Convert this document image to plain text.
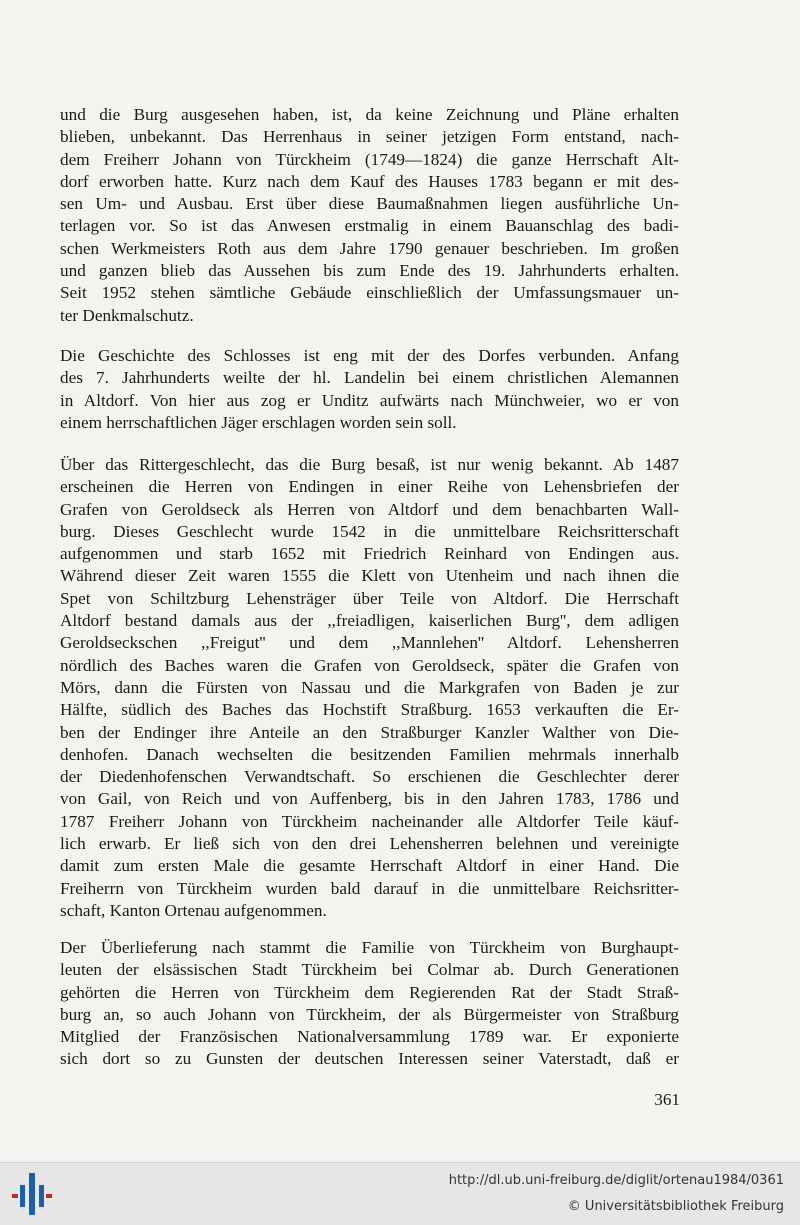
und die Burg ausgesehen haben, ist, da keine Zeichnung und Pläne erhalten
blieben, unbekannt. Das Herrenhaus in seiner jetzigen Form entstand, nach-
dem Freiherr Johann von Türckheim (1749—1824) die ganze Herrschaft Alt-
dorf erworben hatte. Kurz nach dem Kauf des Hauses 1783 begann er mit des-
sen Um- und Ausbau. Erst über diese Baumaßnahmen liegen ausführliche Un-
terlagen vor. So ist das Anwesen erstmalig in einem Bauanschlag des badi-
schen Werkmeisters Roth aus dem Jahre 1790 genauer beschrieben. Im großen
und ganzen blieb das Aussehen bis zum Ende des 19. Jahrhunderts erhalten.
Seit 1952 stehen sämtliche Gebäude einschließlich der Umfassungsmauer un-
ter Denkmalschutz.
Die Geschichte des Schlosses ist eng mit der des Dorfes verbunden. Anfang
des 7. Jahrhunderts weilte der hl. Landelin bei einem christlichen Alemannen
in Altdorf. Von hier aus zog er Unditz aufwärts nach Münchweier, wo er von
einem herrschaftlichen Jäger erschlagen worden sein soll.
Über das Rittergeschlecht, das die Burg besaß, ist nur wenig bekannt. Ab 1487
erscheinen die Herren von Endingen in einer Reihe von Lehensbriefen der
Grafen von Geroldseck als Herren von Altdorf und dem benachbarten Wall-
burg. Dieses Geschlecht wurde 1542 in die unmittelbare Reichsritterschaft
aufgenommen und starb 1652 mit Friedrich Reinhard von Endingen aus.
Während dieser Zeit waren 1555 die Klett von Utenheim und nach ihnen die
Spet von Schiltzburg Lehensträger über Teile von Altdorf. Die Herrschaft
Altdorf bestand damals aus der ,,freiadligen, kaiserlichen Burg'', dem adligen
Geroldseckschen ,,Freigut'' und dem ,,Mannlehen'' Altdorf. Lehensherren
nördlich des Baches waren die Grafen von Geroldseck, später die Grafen von
Mörs, dann die Fürsten von Nassau und die Markgrafen von Baden je zur
Hälfte, südlich des Baches das Hochstift Straßburg. 1653 verkauften die Er-
ben der Endinger ihre Anteile an den Straßburger Kanzler Walther von Die-
denhofen. Danach wechselten die besitzenden Familien mehrmals innerhalb
der Diedenhofenschen Verwandtschaft. So erschienen die Geschlechter derer
von Gail, von Reich und von Auffenberg, bis in den Jahren 1783, 1786 und
1787 Freiherr Johann von Türckheim nacheinander alle Altdorfer Teile käuf-
lich erwarb. Er ließ sich von den drei Lehensherren belehnen und vereinigte
damit zum ersten Male die gesamte Herrschaft Altdorf in einer Hand. Die
Freiherrn von Türckheim wurden bald darauf in die unmittelbare Reichsritter-
schaft, Kanton Ortenau aufgenommen.
Der Überlieferung nach stammt die Familie von Türckheim von Burghaupt-
leuten der elsässischen Stadt Türckheim bei Colmar ab. Durch Generationen
gehörten die Herren von Türckheim dem Regierenden Rat der Stadt Straß-
burg an, so auch Johann von Türckheim, der als Bürgermeister von Straßburg
Mitglied der Französischen Nationalversammlung 1789 war. Er exponierte
sich dort so zu Gunsten der deutschen Interessen seiner Vaterstadt, daß er
361
http://dl.ub.uni-freiburg.de/diglit/ortenau1984/0361
© Universitätsbibliothek Freiburg
